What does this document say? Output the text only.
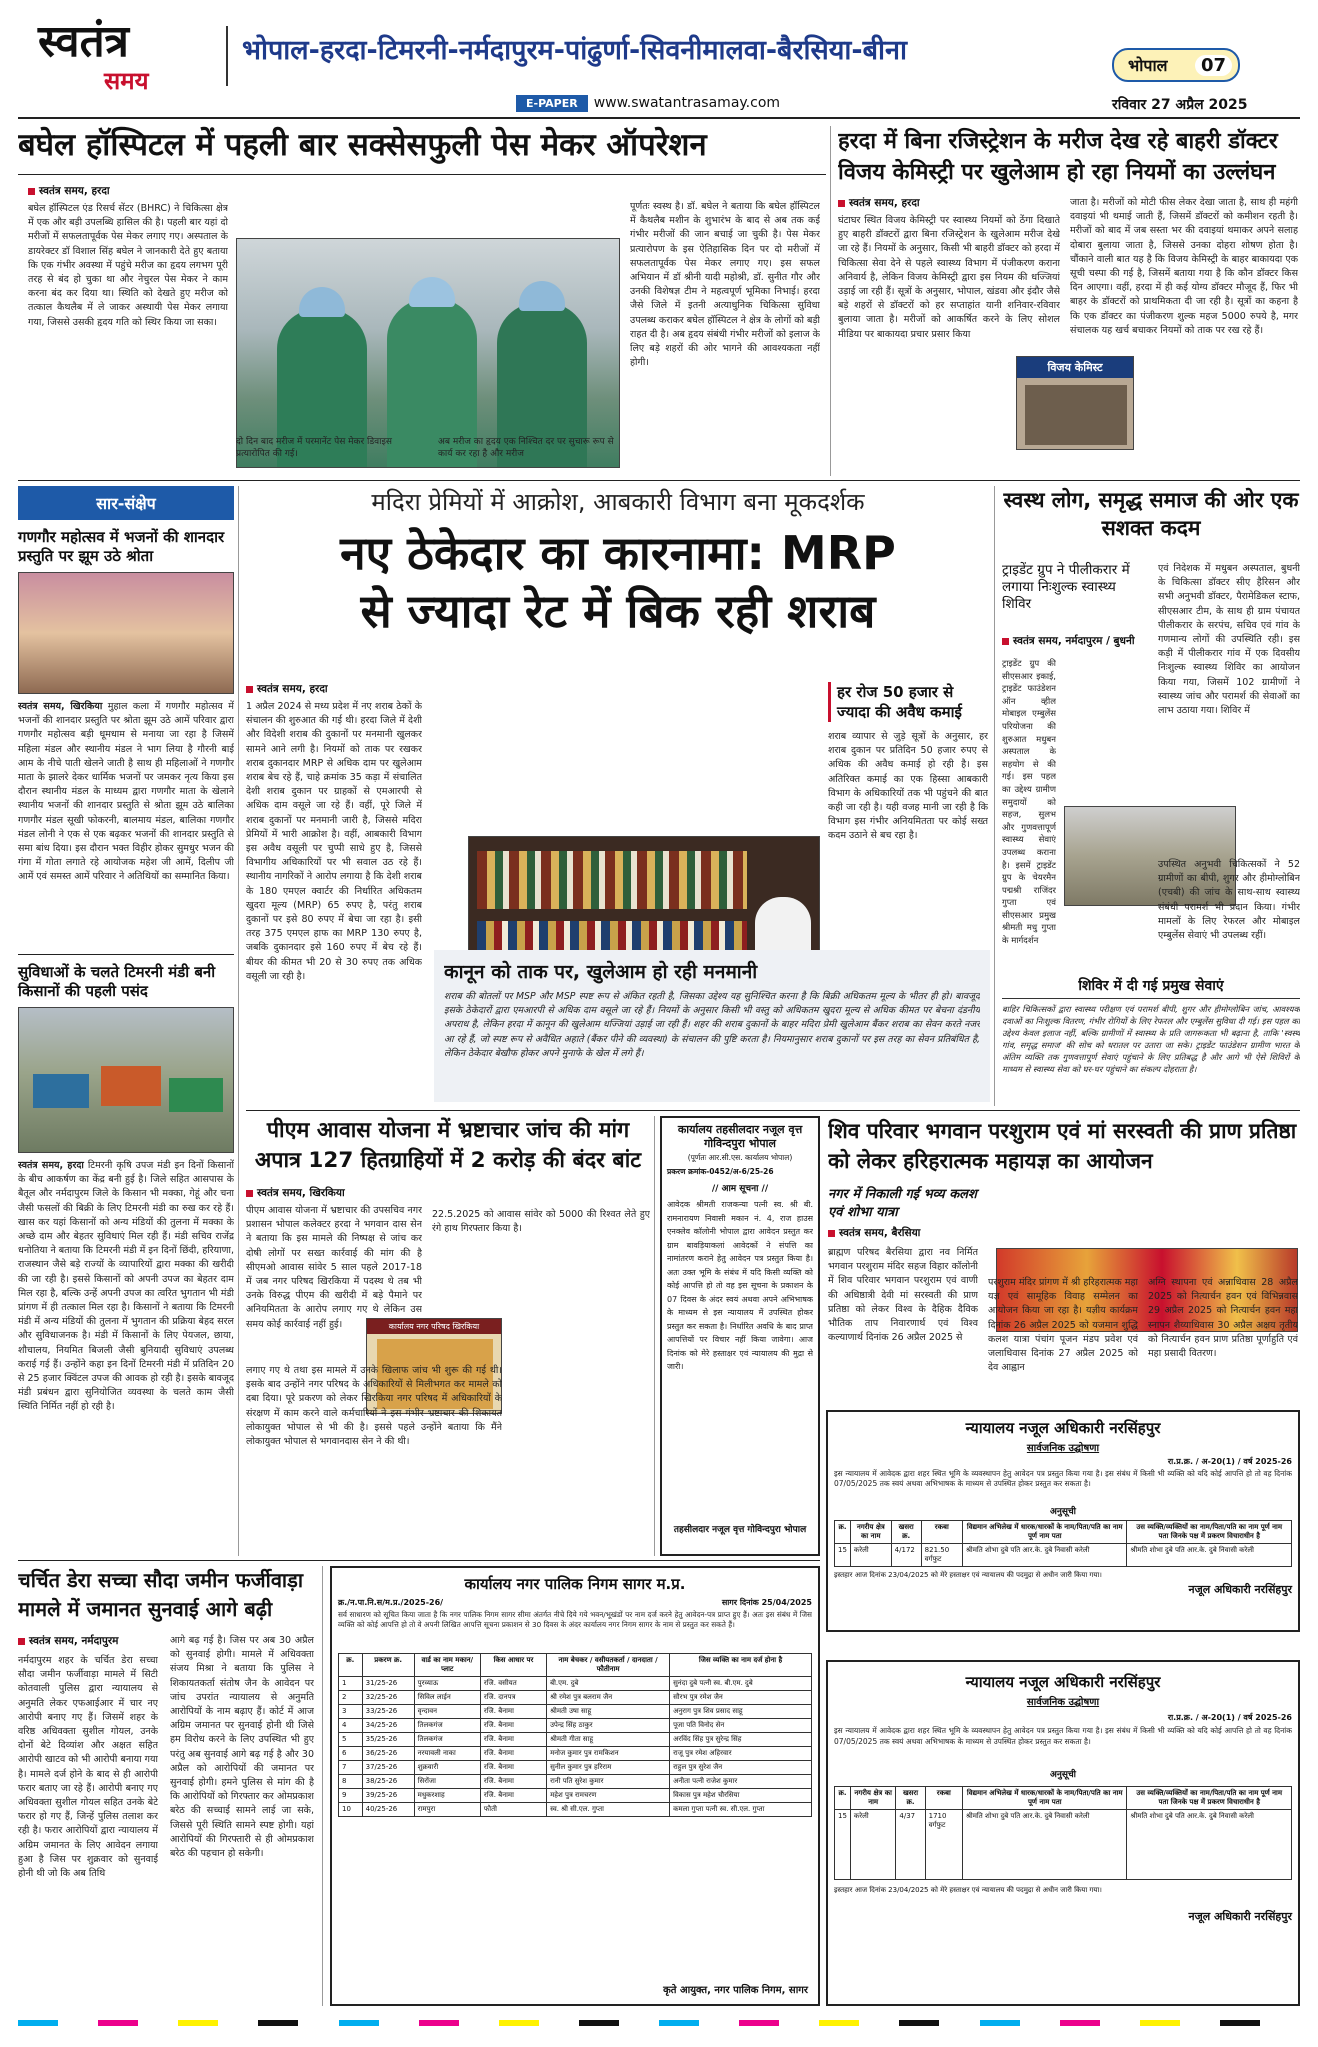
स्वतंत्र
समय
भोपाल-हरदा-टिमरनी-नर्मदापुरम-पांढुर्णा-सिवनीमालवा-बैरसिया-बीना	भोपाल	07
E-PAPER	www.swatantrasamay.com	रविवार 27 अप्रैल 2025
बघेल हॉस्पिटल में पहली बार सक्सेसफुली पेस मेकर ऑपरेशन
स्वतंत्र समय, हरदा
बघेल हॉस्पिटल एंड रिसर्च सेंटर (BHRC) ने चिकित्सा क्षेत्र में एक और बड़ी उपलब्धि हासिल की है। पहली बार यहां दो मरीजों में सफलतापूर्वक पेस मेकर लगाए गए। अस्पताल के डायरेक्टर डॉ विशाल सिंह बघेल ने जानकारी देते हुए बताया कि एक गंभीर अवस्था में पहुंचे मरीज का हृदय लगभग पूरी तरह से बंद हो चुका था और नेचुरल पेस मेकर ने काम करना बंद कर दिया था। स्थिति को देखते हुए मरीज को तत्काल कैथलैब में ले जाकर अस्थायी पेस मेकर लगाया गया, जिससे उसकी हृदय गति को स्थिर किया जा सका।
दो दिन बाद मरीज में परमानेंट पेस मेकर डिवाइस प्रत्यारोपित की गई।
अब मरीज का हृदय एक निश्चित दर पर सुचारू रूप से कार्य कर रहा है और मरीज
पूर्णतः स्वस्थ है। डॉ. बघेल ने बताया कि बघेल हॉस्पिटल में कैथलैब मशीन के शुभारंभ के बाद से अब तक कई गंभीर मरीजों की जान बचाई जा चुकी है। पेस मेकर प्रत्यारोपण के इस ऐतिहासिक दिन पर दो मरीजों में सफलतापूर्वक पेस मेकर लगाए गए। इस सफल अभियान में डॉ श्रीनी यादी महोश्री, डॉ. सुनीत गौर और उनकी विशेषज्ञ टीम ने महत्वपूर्ण भूमिका निभाई। हरदा जैसे जिले में इतनी अत्याधुनिक चिकित्सा सुविधा उपलब्ध कराकर बघेल हॉस्पिटल ने क्षेत्र के लोगों को बड़ी राहत दी है। अब हृदय संबंधी गंभीर मरीजों को इलाज के लिए बड़े शहरों की ओर भागने की आवश्यकता नहीं होगी।
हरदा में बिना रजिस्ट्रेशन के मरीज देख रहे बाहरी डॉक्टर विजय केमिस्ट्री पर खुलेआम हो रहा नियमों का उल्लंघन
स्वतंत्र समय, हरदा
घंटाघर स्थित विजय केमिस्ट्री पर स्वास्थ्य नियमों को ठेंगा दिखाते हुए बाहरी डॉक्टरों द्वारा बिना रजिस्ट्रेशन के खुलेआम मरीज देखे जा रहे हैं। नियमों के अनुसार, किसी भी बाहरी डॉक्टर को हरदा में चिकित्सा सेवा देने से पहले स्वास्थ्य विभाग में पंजीकरण कराना अनिवार्य है, लेकिन विजय केमिस्ट्री द्वारा इस नियम की धज्जियां उड़ाई जा रही हैं। सूत्रों के अनुसार, भोपाल, खंडवा और इंदौर जैसे बड़े शहरों से डॉक्टरों को हर सप्ताहांत यानी शनिवार-रविवार बुलाया जाता है। मरीजों को आकर्षित करने के लिए सोशल मीडिया पर बाकायदा प्रचार प्रसार किया
विजय केमिस्ट
जाता है। मरीजों को मोटी फीस लेकर देखा जाता है, साथ ही महंगी दवाइयां भी थमाई जाती हैं, जिसमें डॉक्टरों को कमीशन रहती है। मरीजों को बाद में जब सस्ता भर की दवाइयां थमाकर अपने सलाह दोबारा बुलाया जाता है, जिससे उनका दोहरा शोषण होता है। चौंकाने वाली बात यह है कि विजय केमिस्ट्री के बाहर बाकायदा एक सूची चस्पा की गई है, जिसमें बताया गया है कि कौन डॉक्टर किस दिन आएगा। वहीं, हरदा में ही कई योग्य डॉक्टर मौजूद हैं, फिर भी बाहर के डॉक्टरों को प्राथमिकता दी जा रही है। सूत्रों का कहना है कि एक डॉक्टर का पंजीकरण शुल्क महज 5000 रुपये है, मगर संचालक यह खर्च बचाकर नियमों को ताक पर रख रहे हैं।
सार-संक्षेप
गणगौर महोत्सव में भजनों की शानदार प्रस्तुति पर झूम उठे श्रोता
स्वतंत्र समय, खिरकिया मुहाल कला में गणगौर महोत्सव में भजनों की शानदार प्रस्तुति पर श्रोता झूम उठे आमें परिवार द्वारा गणगौर महोत्सव बड़ी धूमधाम से मनाया जा रहा है जिसमें महिला मंडल और स्थानीय मंडल ने भाग लिया है गौरनी बाई आम के नीचे पाती खेलने जाती है साथ ही महिलाओं ने गणगौर माता के झालरे देकर धार्मिक भजनों पर जमकर नृत्य किया इस दौरान स्थानीय मंडल के माध्यम द्वारा गणगौर माता के खेलाने स्थानीय भजनों की शानदार प्रस्तुति से श्रोता झूम उठे बालिका गणगौर मंडल सूखी फोकरनी, बालमाय मंडल, बालिका गणगौर मंडल लोनी ने एक से एक बढ़कर भजनों की शानदार प्रस्तुति से समा बांध दिया। इस दौरान भक्त विहीर होकर सुमधुर भजन की गंगा में गोता लगाते रहे आयोजक महेश जी आमें, दिलीप जी आमें एवं समस्त आमें परिवार ने अतिथियों का सम्मानित किया।
सुविधाओं के चलते टिमरनी मंडी बनी किसानों की पहली पसंद
स्वतंत्र समय, हरदा टिमरनी कृषि उपज मंडी इन दिनों किसानों के बीच आकर्षण का केंद्र बनी हुई है। जिले सहित आसपास के बैतूल और नर्मदापुरम जिले के किसान भी मक्का, गेहूं और चना जैसी फसलों की बिक्री के लिए टिमरनी मंडी का रुख कर रहे हैं। खास कर यहां किसानों को अन्य मंडियों की तुलना में मक्का के अच्छे दाम और बेहतर सुविधाएं मिल रही हैं। मंडी सचिव राजेंद्र धनोतिया ने बताया कि टिमरनी मंडी में इन दिनों छिंदी, हरियाणा, राजस्थान जैसे बड़े राज्यों के व्यापारियों द्वारा मक्का की खरीदी की जा रही है। इससे किसानों को अपनी उपज का बेहतर दाम मिल रहा है, बल्कि उन्हें अपनी उपज का त्वरित भुगतान भी मंडी प्रांगण में ही तत्काल मिल रहा है। किसानों ने बताया कि टिमरनी मंडी में अन्य मंडियों की तुलना में भुगतान की प्रक्रिया बेहद सरल और सुविधाजनक है। मंडी में किसानों के लिए पेयजल, छाया, शौचालय, नियमित बिजली जैसी बुनियादी सुविधाएं उपलब्ध कराई गई हैं। उन्होंने कहा इन दिनों टिमरनी मंडी में प्रतिदिन 20 से 25 हजार क्विंटल उपज की आवक हो रही है। इसके बावजूद मंडी प्रबंधन द्वारा सुनियोजित व्यवस्था के चलते काम जैसी स्थिति निर्मित नहीं हो रही है।
मदिरा प्रेमियों में आक्रोश, आबकारी विभाग बना मूकदर्शक
नए ठेकेदार का कारनामा: MRP
से ज्यादा रेट में बिक रही शराब
स्वतंत्र समय, हरदा
1 अप्रैल 2024 से मध्य प्रदेश में नए शराब ठेकों के संचालन की शुरुआत की गई थी। हरदा जिले में देशी और विदेशी शराब की दुकानों पर मनमानी खुलकर सामने आने लगी है। नियमों को ताक पर रखकर शराब दुकानदार MRP से अधिक दाम पर खुलेआम शराब बेच रहे हैं, चाहे क्रमांक 35 कड़ा में संचालित देशी शराब दुकान पर ग्राहकों से एमआरपी से अधिक दाम वसूले जा रहे हैं। वहीं, पूरे जिले में शराब दुकानों पर मनमानी जारी है, जिससे मदिरा प्रेमियों में भारी आक्रोश है। वहीं, आबकारी विभाग इस अवैध वसूली पर चुप्पी साधे हुए है, जिससे विभागीय अधिकारियों पर भी सवाल उठ रहे हैं। स्थानीय नागरिकों ने आरोप लगाया है कि देशी शराब के 180 एमएल क्वार्टर की निर्धारित अधिकतम खुदरा मूल्य (MRP) 65 रुपए है, परंतु शराब दुकानों पर इसे 80 रुपए में बेचा जा रहा है। इसी तरह 375 एमएल हाफ का MRP 130 रुपए है, जबकि दुकानदार इसे 160 रुपए में बेच रहे हैं। बीयर की कीमत भी 20 से 30 रुपए तक अधिक वसूली जा रही है।
हर रोज 50 हजार से ज्यादा की अवैध कमाई
शराब व्यापार से जुड़े सूत्रों के अनुसार, हर शराब दुकान पर प्रतिदिन 50 हजार रुपए से अधिक की अवैध कमाई हो रही है। इस अतिरिक्त कमाई का एक हिस्सा आबकारी विभाग के अधिकारियों तक भी पहुंचने की बात कही जा रही है। यही वजह मानी जा रही है कि विभाग इस गंभीर अनियमितता पर कोई सख्त कदम उठाने से बच रहा है।
कानून को ताक पर, खुलेआम हो रही मनमानी
शराब की बोतलों पर MSP और MSP स्पष्ट रूप से अंकित रहती है, जिसका उद्देश्य यह सुनिश्चित करना है कि बिक्री अधिकतम मूल्य के भीतर ही हो। बावजूद इसके ठेकेदारों द्वारा एमआरपी से अधिक दाम वसूले जा रहे हैं। नियमों के अनुसार किसी भी वस्तु को अधिकतम खुदरा मूल्य से अधिक कीमत पर बेचना दंडनीय अपराध है, लेकिन हरदा में कानून की खुलेआम धज्जियां उड़ाई जा रही हैं। शहर की शराब दुकानों के बाहर मदिरा प्रेमी खुलेआम बैंकर शराब का सेवन करते नजर आ रहे हैं, जो स्पष्ट रूप से अवैधित अहाते (बैंकर पीने की व्यवस्था) के संचालन की पुष्टि करता है। नियमानुसार शराब दुकानों पर इस तरह का सेवन प्रतिबंधित है, लेकिन ठेकेदार बेखौफ होकर अपने मुनाफे के खेल में लगे हैं।
स्वस्थ लोग, समृद्ध समाज की ओर एक सशक्त कदम
ट्राइडेंट ग्रुप ने पीलीकरार में लगाया निःशुल्क स्वास्थ्य शिविर
एवं निदेशक में मधुबन अस्पताल, बुधनी के चिकित्सा डॉक्टर सीए हैरिसन और सभी अनुभवी डॉक्टर, पैरामेडिकल स्टाफ, सीएसआर टीम, के साथ ही ग्राम पंचायत पीलीकरार के सरपंच, सचिव एवं गांव के गणमान्य लोगों की उपस्थिति रही। इस कड़ी में पीलीकरार गांव में एक दिवसीय निःशुल्क स्वास्थ्य शिविर का आयोजन किया गया, जिसमें 102 ग्रामीणों ने स्वास्थ्य जांच और परामर्श की सेवाओं का लाभ उठाया गया। शिविर में
स्वतंत्र समय, नर्मदापुरम / बुधनी
ट्राइडेंट ग्रुप की सीएसआर इकाई, ट्राइडेंट फाउंडेशन ऑन व्हील मोबाइल एम्बुलेंस परियोजना की शुरुआत मधुबन अस्पताल के सहयोग से की गई। इस पहल का उद्देश्य ग्रामीण समुदायों को सहज, सुलभ और गुणवत्तापूर्ण स्वास्थ्य सेवाएं उपलब्ध कराना है। इसमें ट्राइडेंट ग्रुप के चेयरमैन पद्मश्री राजिंदर गुप्ता एवं सीएसआर प्रमुख श्रीमती मधु गुप्ता के मार्गदर्शन
उपस्थित अनुभवी चिकित्सकों ने 52 ग्रामीणों का बीपी, शुगर और हीमोग्लोबिन (एचबी) की जांच के साथ-साथ स्वास्थ्य संबंधी परामर्श भी प्रदान किया। गंभीर मामलों के लिए रेफरल और मोबाइल एम्बुलेंस सेवाएं भी उपलब्ध रहीं।
शिविर में दी गई प्रमुख सेवाएं
बाहिर चिकित्सकों द्वारा स्वास्थ्य परीक्षण एवं परामर्श बीपी, शुगर और हीमोग्लोबिन जांच, आवश्यक दवाओं का निःशुल्क वितरण, गंभीर रोगियों के लिए रेफरल और एम्बुलेंस सुविधा दी गई। इस पहल का उद्देश्य केवल इलाज नहीं, बल्कि ग्रामीणों में स्वास्थ्य के प्रति जागरूकता भी बढ़ाना है, ताकि 'स्वस्थ गांव, समृद्ध समाज' की सोच को धरातल पर उतारा जा सके। ट्राइडेंट फाउंडेशन ग्रामीण भारत के अंतिम व्यक्ति तक गुणवत्तापूर्ण सेवाएं पहुंचाने के लिए प्रतिबद्ध है और आगे भी ऐसे शिविरों के माध्यम से स्वास्थ्य सेवा को घर-घर पहुंचाने का संकल्प दोहराता है।
पीएम आवास योजना में भ्रष्टाचार जांच की मांग अपात्र 127 हितग्राहियों में 2 करोड़ की बंदर बांट
स्वतंत्र समय, खिरकिया
पीएम आवास योजना में भ्रष्टाचार की उपसचिव नगर प्रशासन भोपाल कलेक्टर हरदा ने भगवान दास सेन ने बताया कि इस मामले की निष्पक्ष से जांच कर दोषी लोगों पर सख्त कार्रवाई की मांग की है सीएमओ आवास सांवेर 5 साल पहले 2017-18 में जब नगर परिषद खिरकिया में पदस्थ थे तब भी उनके विरुद्ध पीएम की खरीदी में बड़े पैमाने पर अनियमितता के आरोप लगाए गए थे लेकिन उस समय कोई कार्रवाई नहीं हुई।
22.5.2025 को आवास सांवेर को 5000 की रिश्वत लेते हुए रंगे हाथ गिरफ्तार किया है।
कार्यालय नगर परिषद खिरकिया
लगाए गए थे तथा इस मामले में उनके खिलाफ जांच भी शुरू की गई थी। इसके बाद उन्होंने नगर परिषद के अधिकारियों से मिलीभगत कर मामले को दबा दिया। पूरे प्रकरण को लेकर खिरकिया नगर परिषद में अधिकारियों के संरक्षण में काम करने वाले कर्मचारियों ने इस गंभीर भ्रष्टाचार की शिकायत लोकायुक्त भोपाल से भी की है। इससे पहले उन्होंने बताया कि मैंने लोकायुक्त भोपाल से भगवानदास सेन ने की थी।
कार्यालय तहसीलदार नजूल वृत्त गोविन्दपुरा भोपाल
(पूर्णतः आर.सी.एस. कार्यालय भोपाल)
प्रकरण क्रमांक-0452/अ-6/25-26
// आम सूचना //
आवेदक श्रीमती राजकन्या पत्नी स्व. श्री बी. रामनारायण निवासी मकान नं. 4, राज हाउस एनक्लेव कॉलोनी भोपाल द्वारा आवेदन प्रस्तुत कर ग्राम बावड़ियाकलां आवेदकों ने संपत्ति का नामांतरण कराने हेतु आवेदन पत्र प्रस्तुत किया है। अतः उक्त भूमि के संबंध में यदि किसी व्यक्ति को कोई आपत्ति हो तो वह इस सूचना के प्रकाशन के 07 दिवस के अंदर स्वयं अथवा अपने अभिभाषक के माध्यम से इस न्यायालय में उपस्थित होकर प्रस्तुत कर सकता है। निर्धारित अवधि के बाद प्राप्त आपत्तियों पर विचार नहीं किया जावेगा। आज दिनांक को मेरे हस्ताक्षर एवं न्यायालय की मुद्रा से जारी।
तहसीलदार नजूल वृत्त गोविन्दपुरा भोपाल
शिव परिवार भगवान परशुराम एवं मां सरस्वती की प्राण प्रतिष्ठा को लेकर हरिहरात्मक महायज्ञ का आयोजन
नगर में निकाली गई भव्य कलश एवं शोभा यात्रा
स्वतंत्र समय, बैरसिया
ब्राह्मण परिषद बैरसिया द्वारा नव निर्मित भगवान परशुराम मंदिर सहज विहार कॉलोनी में शिव परिवार भगवान परशुराम एवं वाणी की अधिष्ठात्री देवी मां सरस्वती की प्राण प्रतिष्ठा को लेकर विश्व के दैहिक दैविक भौतिक ताप निवारणार्थ एवं विश्व कल्याणार्थ दिनांक 26 अप्रैल 2025 से
परशुराम मंदिर प्रांगण में श्री हरिहरात्मक महा यज्ञ एवं सामूहिक विवाह सम्मेलन का आयोजन किया जा रहा है। यज्ञीय कार्यक्रम दिनांक 26 अप्रैल 2025 को यजमान शुद्धि कलश यात्रा पंचांग पूजन मंडप प्रवेश एवं जलाधिवास दिनांक 27 अप्रैल 2025 को देव आह्वान
अग्नि स्थापना एवं अन्नाधिवास 28 अप्रैल 2025 को नित्यार्चन हवन एवं विभिन्नवास 29 अप्रैल 2025 को नित्यार्चन हवन महा स्नापन शैय्याधिवास 30 अप्रैल अक्षय तृतीय को नित्यार्चन हवन प्राण प्रतिष्ठा पूर्णाहुति एवं महा प्रसादी वितरण।
न्यायालय नजूल अधिकारी नरसिंहपुर
सार्वजनिक उद्घोषणा
रा.प्र.क्र. / अ-20(1) / वर्ष 2025-26
इस न्यायालय में आवेदक द्वारा शहर स्थित भूमि के व्यवस्थापन हेतु आवेदन पत्र प्रस्तुत किया गया है। इस संबंध में किसी भी व्यक्ति को यदि कोई आपत्ति हो तो वह दिनांक 07/05/2025 तक स्वयं अथवा अभिभाषक के माध्यम से उपस्थित होकर प्रस्तुत कर सकता है।
अनुसूची
क्र.	नगरीय क्षेत्र का नाम	खसरा क्र.	रकबा	विद्यमान अभिलेख में धारक/धारकों के नाम/पिता/पति का नाम पूर्ण नाम पता	उस व्यक्ति/व्यक्तियों का नाम/पिता/पति का नाम पूर्ण नाम पता जिनके पक्ष में प्रकरण विचाराधीन है
15	करेली	4/172	821.50 वर्गफुट	श्रीमति शोभा दुबे पति आर.के. दुबे निवासी करेली	श्रीमति शोभा दुबे पति आर.के. दुबे निवासी करेली
इस्तहार आज दिनांक 23/04/2025 को मेरे हस्ताक्षर एवं न्यायालय की पदमुद्रा से अधीन जारी किया गया।
नजूल अधिकारी नरसिंहपुर
चर्चित डेरा सच्चा सौदा जमीन फर्जीवाड़ा मामले में जमानत सुनवाई आगे बढ़ी
स्वतंत्र समय, नर्मदापुरम
नर्मदापुरम शहर के चर्चित डेरा सच्चा सौदा जमीन फर्जीवाड़ा मामले में सिटी कोतवाली पुलिस द्वारा न्यायालय से अनुमति लेकर एफआईआर में चार नए आरोपी बनाए गए हैं। जिसमें शहर के वरिष्ठ अधिवक्ता सुशील गोयल, उनके दोनों बेटे दिव्यांश और अक्षत सहित आरोपी खाटव को भी आरोपी बनाया गया है। मामले दर्ज होने के बाद से ही आरोपी फरार बताए जा रहे हैं। आरोपी बनाए गए अधिवक्ता सुशील गोयल सहित उनके बेटे फरार हो गए हैं, जिन्हें पुलिस तलाश कर रही है। फरार आरोपियों द्वारा न्यायालय में अग्रिम जमानत के लिए आवेदन लगाया हुआ है जिस पर शुक्रवार को सुनवाई होनी थी जो कि अब तिथि
आगे बढ़ गई है। जिस पर अब 30 अप्रैल को सुनवाई होगी। मामले में अधिवक्ता संजय मिश्रा ने बताया कि पुलिस ने शिकायतकर्ता संतोष जैन के आवेदन पर जांच उपरांत न्यायालय से अनुमति आरोपियों के नाम बढ़ाए हैं। कोर्ट में आज अग्रिम जमानत पर सुनवाई होनी थी जिसे हम विरोध करने के लिए उपस्थित भी हुए परंतु अब सुनवाई आगे बढ़ गई है और 30 अप्रैल को आरोपियों की जमानत पर सुनवाई होगी। हमने पुलिस से मांग की है कि आरोपियों को गिरफ्तार कर ओमप्रकाश बरेठ की सच्चाई सामने लाई जा सके, जिससे पूरी स्थिति सामने स्पष्ट होगी। यहां आरोपियों की गिरफ्तारी से ही ओमप्रकाश बरेठ की पहचान हो सकेगी।
कार्यालय नगर पालिक निगम सागर म.प्र.
क्र./न.पा.नि.स/म.प्र./2025-26/	सागर दिनांक 25/04/2025
सर्व साधारण को सूचित किया जाता है कि नगर पालिक निगम सागर सीमा अंतर्गत नीचे दिये गये भवन/भूखंडों पर नाम दर्ज करने हेतु आवेदन-पत्र प्राप्त हुए हैं। अतः इस संबंध में जिस व्यक्ति को कोई आपत्ति हो तो वे अपनी लिखित आपत्ति सूचना प्रकाशन से 30 दिवस के अंदर कार्यालय नगर निगम सागर के नाम से प्रस्तुत कर सकते हैं।
क्र.	प्रकरण क्र.	वार्ड का नाम मकान/प्लाट	किस आधार पर	नाम बेचकर / वसीयतकर्ता / दानदाता / फौतीनाम	जिस व्यक्ति का नाम दर्ज होना है
1	31/25-26	पुरव्याऊ	रजि. वसीयत	बी.एम. दुबे	सुनंदा दुबे पत्नी स्व. बी.एम. दुबे
2	32/25-26	सिविल लाईन	रजि. दानपत्र	श्री रमेश पुत्र बलराम जैन	सौरभ पुत्र रमेश जैन
3	33/25-26	वृन्दावन	रजि. बैनामा	श्रीमती उषा साहू	अनुराग पुत्र शिव प्रसाद साहू
4	34/25-26	तिलकगंज	रजि. बैनामा	उपेन्द्र सिंह ठाकुर	पूजा पति विनोद सेन
5	35/25-26	तिलकगंज	रजि. बैनामा	श्रीमती गीता साहू	अरविंद सिंह पुत्र सुरेन्द्र सिंह
6	36/25-26	नरयावली नाका	रजि. बैनामा	मनोज कुमार पुत्र रामकिशन	राजू पुत्र रमेश अहिरवार
7	37/25-26	शुक्रवारी	रजि. बैनामा	सुनील कुमार पुत्र हरिराम	राहुल पुत्र सुरेश जैन
8	38/25-26	सिरोंजा	रजि. बैनामा	रानी पति सुरेश कुमार	अनीता पत्नी राजेश कुमार
9	39/25-26	मधुकरशाह	रजि. बैनामा	महेश पुत्र रामचरण	विकास पुत्र महेश चौरसिया
10	40/25-26	रामपुरा	फौती	स्व. श्री सी.एल. गुप्ता	कमला गुप्ता पत्नी स्व. सी.एल. गुप्ता
कृते आयुक्त, नगर पालिक निगम, सागर
न्यायालय नजूल अधिकारी नरसिंहपुर
सार्वजनिक उद्घोषणा
रा.प्र.क्र. / अ-20(1) / वर्ष 2025-26
इस न्यायालय में आवेदक द्वारा शहर स्थित भूमि के व्यवस्थापन हेतु आवेदन पत्र प्रस्तुत किया गया है। इस संबंध में किसी भी व्यक्ति को यदि कोई आपत्ति हो तो वह दिनांक 07/05/2025 तक स्वयं अथवा अभिभाषक के माध्यम से उपस्थित होकर प्रस्तुत कर सकता है।
अनुसूची
क्र.	नगरीय क्षेत्र का नाम	खसरा क्र.	रकबा	विद्यमान अभिलेख में धारक/धारकों के नाम/पिता/पति का नाम पूर्ण नाम पता	उस व्यक्ति/व्यक्तियों का नाम/पिता/पति का नाम पूर्ण नाम पता जिनके पक्ष में प्रकरण विचाराधीन है
15	करेली	4/37	1710 वर्गफुट	श्रीमति शोभा दुबे पति आर.के. दुबे निवासी करेली	श्रीमति शोभा दुबे पति आर.के. दुबे निवासी करेली
इस्तहार आज दिनांक 23/04/2025 को मेरे हस्ताक्षर एवं न्यायालय की पदमुद्रा से अधीन जारी किया गया।
नजूल अधिकारी नरसिंहपुर
